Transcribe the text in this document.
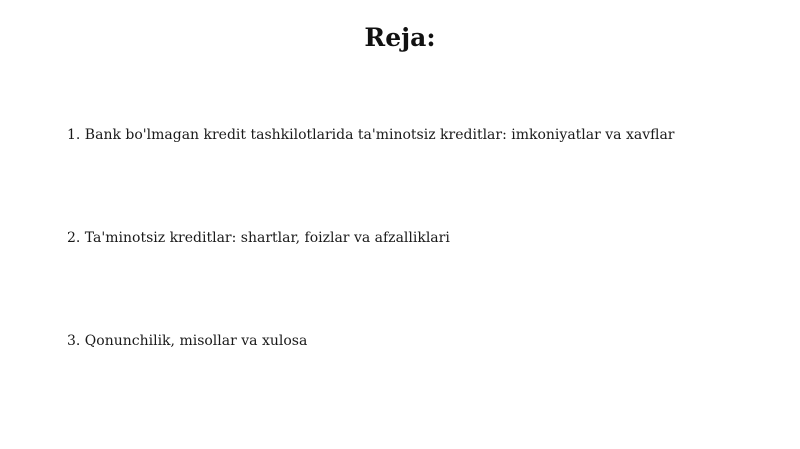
Reja:
1. Bank bo'lmagan kredit tashkilotlarida ta'minotsiz kreditlar: imkoniyatlar va xavflar
2. Ta'minotsiz kreditlar: shartlar, foizlar va afzalliklari
3. Qonunchilik, misollar va xulosa
